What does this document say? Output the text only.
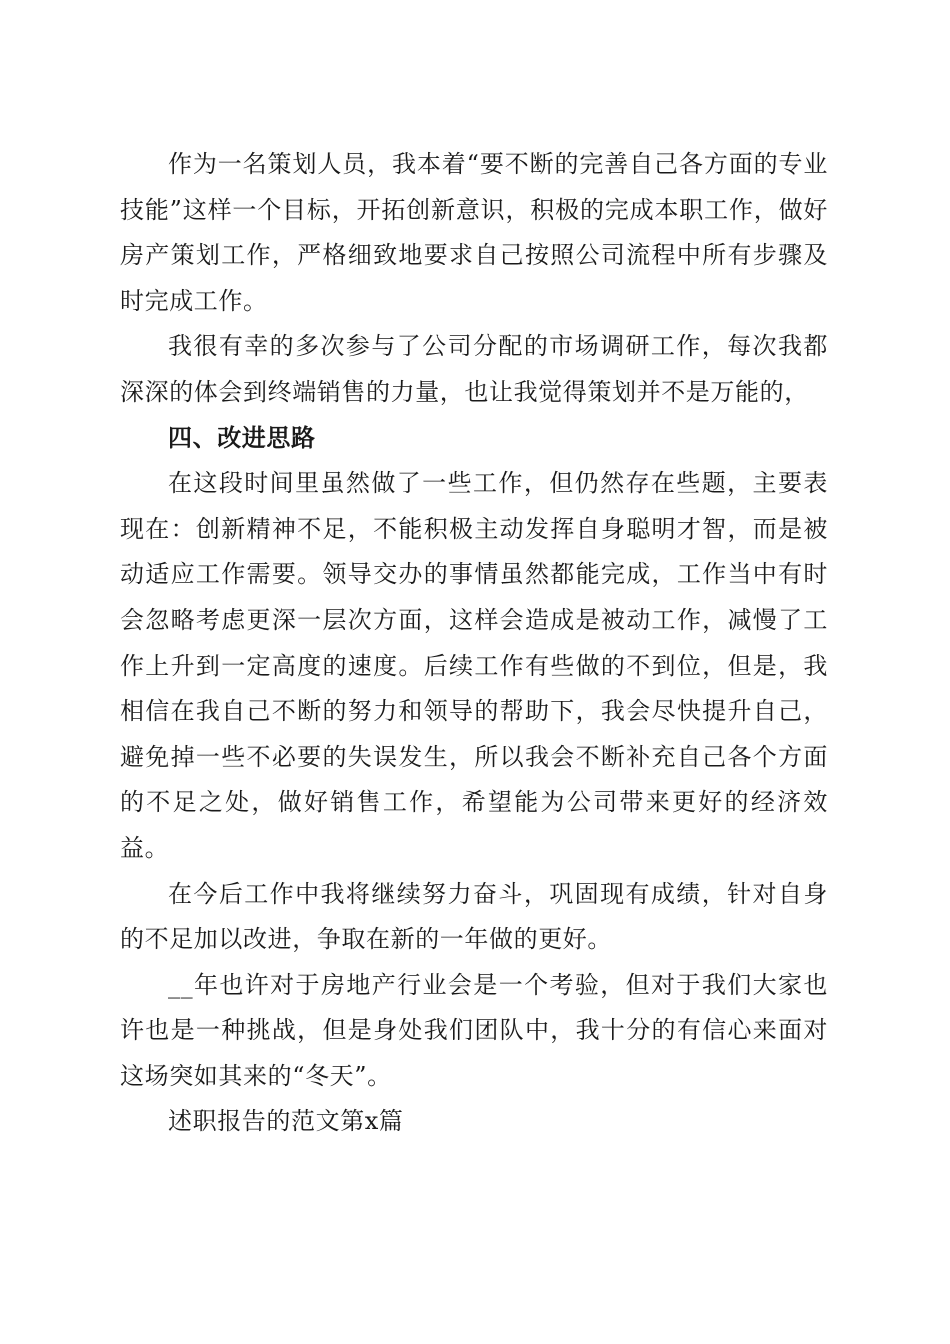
作为一名策划人员，我本着“要不断的完善自己各方面的专业技能”这样一个目标，开拓创新意识，积极的完成本职工作，做好房产策划工作，严格细致地要求自己按照公司流程中所有步骤及时完成工作。

我很有幸的多次参与了公司分配的市场调研工作，每次我都深深的体会到终端销售的力量，也让我觉得策划并不是万能的，

四、改进思路

在这段时间里虽然做了一些工作，但仍然存在些题，主要表现在：创新精神不足，不能积极主动发挥自身聪明才智，而是被动适应工作需要。领导交办的事情虽然都能完成，工作当中有时会忽略考虑更深一层次方面，这样会造成是被动工作，减慢了工作上升到一定高度的速度。后续工作有些做的不到位，但是，我相信在我自己不断的努力和领导的帮助下，我会尽快提升自己，避免掉一些不必要的失误发生，所以我会不断补充自己各个方面的不足之处，做好销售工作，希望能为公司带来更好的经济效益。

在今后工作中我将继续努力奋斗，巩固现有成绩，针对自身的不足加以改进，争取在新的一年做的更好。

__年也许对于房地产行业会是一个考验，但对于我们大家也许也是一种挑战，但是身处我们团队中，我十分的有信心来面对这场突如其来的“冬天”。

述职报告的范文第x篇
